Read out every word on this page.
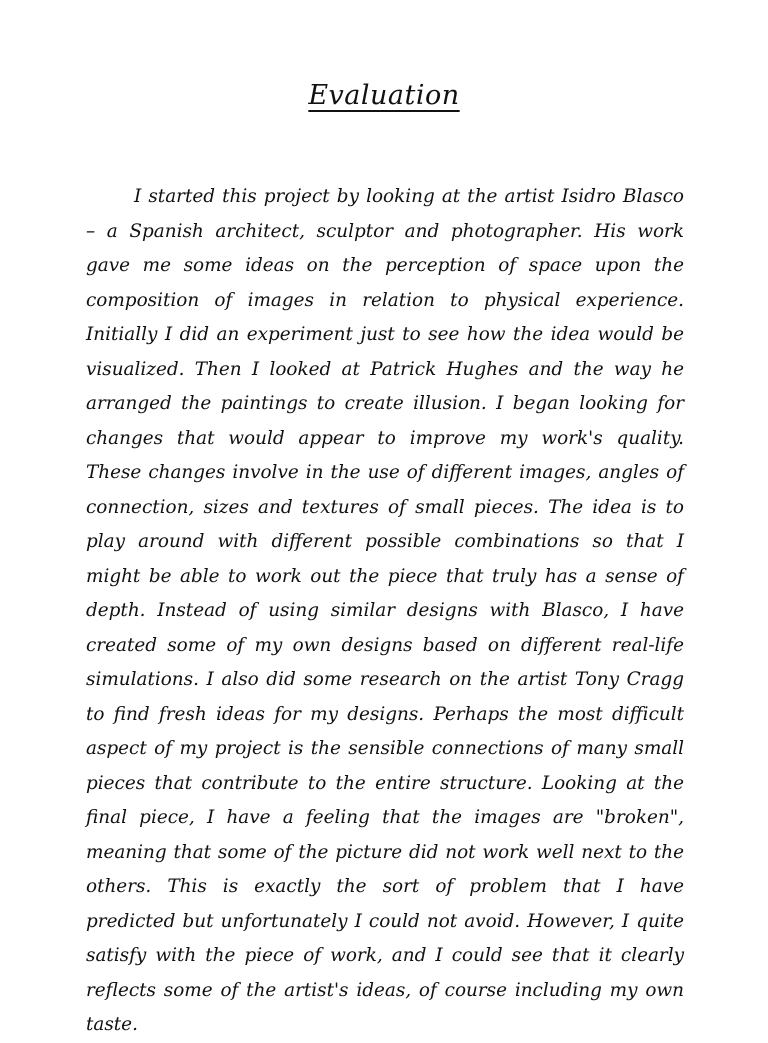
Evaluation

I started this project by looking at the artist Isidro Blasco – a Spanish architect, sculptor and photographer. His work gave me some ideas on the perception of space upon the composition of images in relation to physical experience. Initially I did an experiment just to see how the idea would be visualized. Then I looked at Patrick Hughes and the way he arranged the paintings to create illusion. I began looking for changes that would appear to improve my work's quality. These changes involve in the use of different images, angles of connection, sizes and textures of small pieces. The idea is to play around with different possible combinations so that I might be able to work out the piece that truly has a sense of depth. Instead of using similar designs with Blasco, I have created some of my own designs based on different real-life simulations. I also did some research on the artist Tony Cragg to find fresh ideas for my designs. Perhaps the most difficult aspect of my project is the sensible connections of many small pieces that contribute to the entire structure. Looking at the final piece, I have a feeling that the images are "broken", meaning that some of the picture did not work well next to the others. This is exactly the sort of problem that I have predicted but unfortunately I could not avoid. However, I quite satisfy with the piece of work, and I could see that it clearly reflects some of the artist's ideas, of course including my own taste.
